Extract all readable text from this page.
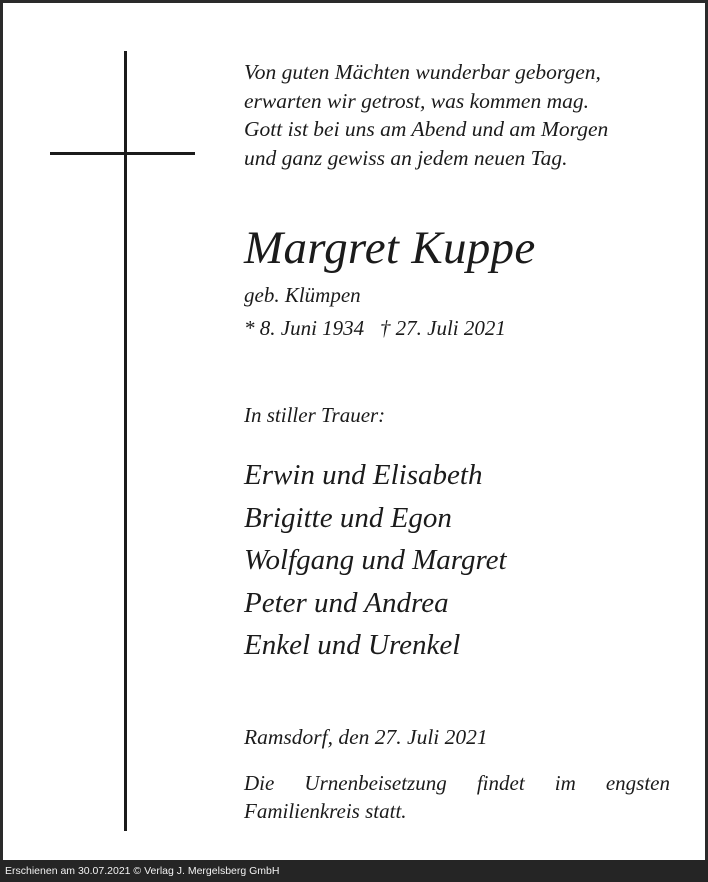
Von guten Mächten wunderbar geborgen,
erwarten wir getrost, was kommen mag.
Gott ist bei uns am Abend und am Morgen
und ganz gewiss an jedem neuen Tag.
Margret Kuppe
geb. Klümpen
* 8. Juni 1934   † 27. Juli 2021
In stiller Trauer:
Erwin und Elisabeth
Brigitte und Egon
Wolfgang und Margret
Peter und Andrea
Enkel und Urenkel
Ramsdorf, den 27. Juli 2021
Die Urnenbeisetzung findet im engsten
Familienkreis statt.
Erschienen am 30.07.2021 © Verlag J. Mergelsberg GmbH
